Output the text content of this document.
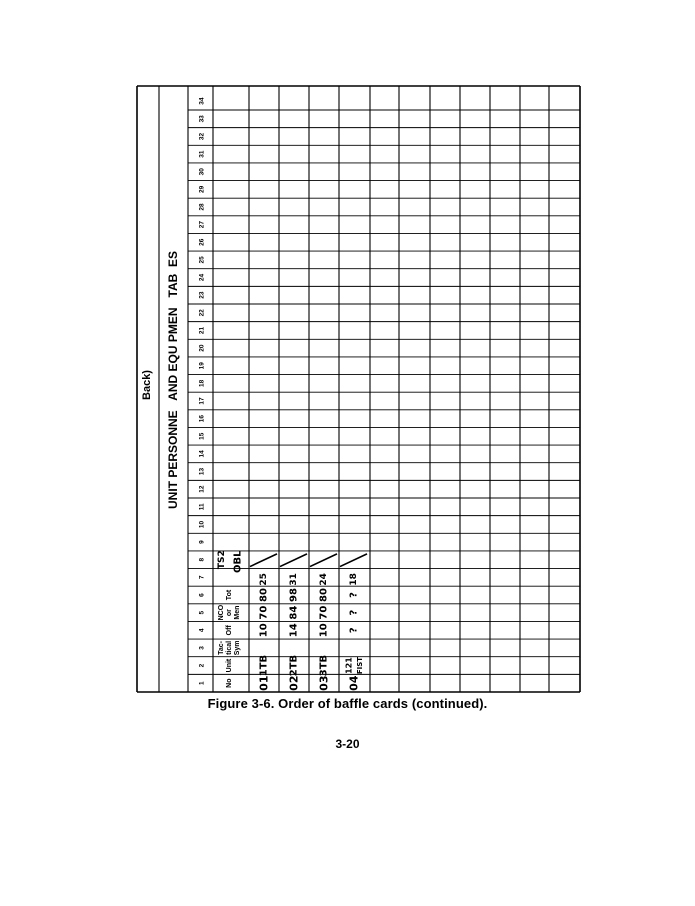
Back) UNIT PERSONNE   AND EQU PMEN   TAB  ES
1
2
3
4
5
6
7
8
9
10
11
12
13
14
15
16
17
18
19
20
21
22
23
24
25
26
27
28
29
30
31
32
33
34
No
Unit
Tac-ticalSym
Off
NCOorMen
Tot
TS2 OBL
01
1TB
10
70
80
25
02
2TB
14
84
98
31
03
3TB
10
70
80
24
04
121 FIST
?
?
?
18
Figure 3-6. Order of baffle cards (continued).
3-20
